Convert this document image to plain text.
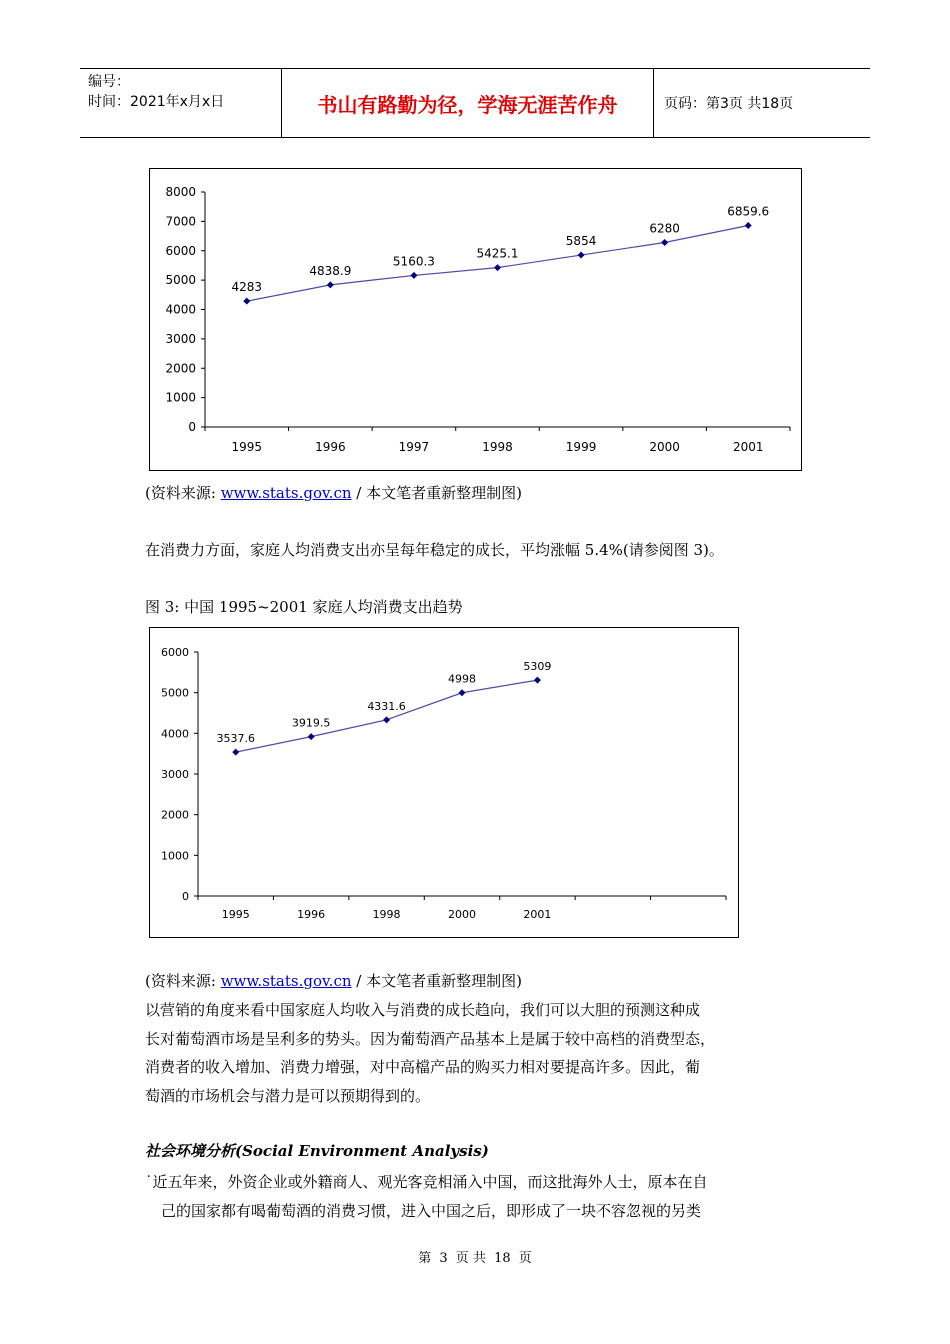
编号：
时间：2021年x月x日	书山有路勤为径，学海无涯苦作舟	页码：第3页 共18页
0
1000
2000
3000
4000
5000
6000
7000
8000
1995	1996	1997	1998	1999	2000	2001
4283
4838.9
5160.3
5425.1
5854
6280
6859.6
(资料来源: www.stats.gov.cn / 本文笔者重新整理制图)
在消费力方面，家庭人均消费支出亦呈每年稳定的成长，平均涨幅 5.4%(请参阅图 3)。
图 3: 中国 1995~2001 家庭人均消费支出趋势
0
1000
2000
3000
4000
5000
6000
1995	1996	1998	2000	2001
3537.6
3919.5
4331.6
4998
5309
(资料来源: www.stats.gov.cn / 本文笔者重新整理制图)
以营销的角度来看中国家庭人均收入与消费的成长趋向，我们可以大胆的预测这种成
长对葡萄酒市场是呈利多的势头。因为葡萄酒产品基本上是属于较中高档的消费型态，
消费者的收入增加、消费力增强，对中高檔产品的购买力相对要提高许多。因此，葡
萄酒的市场机会与潜力是可以预期得到的。
社会环境分析(Social Environment Analysis)
˙近五年来，外资企业或外籍商人、观光客竞相涌入中国，而这批海外人士，原本在自
己的国家都有喝葡萄酒的消费习惯，进入中国之后，即形成了一块不容忽视的另类
第 3 页 共 18 页
